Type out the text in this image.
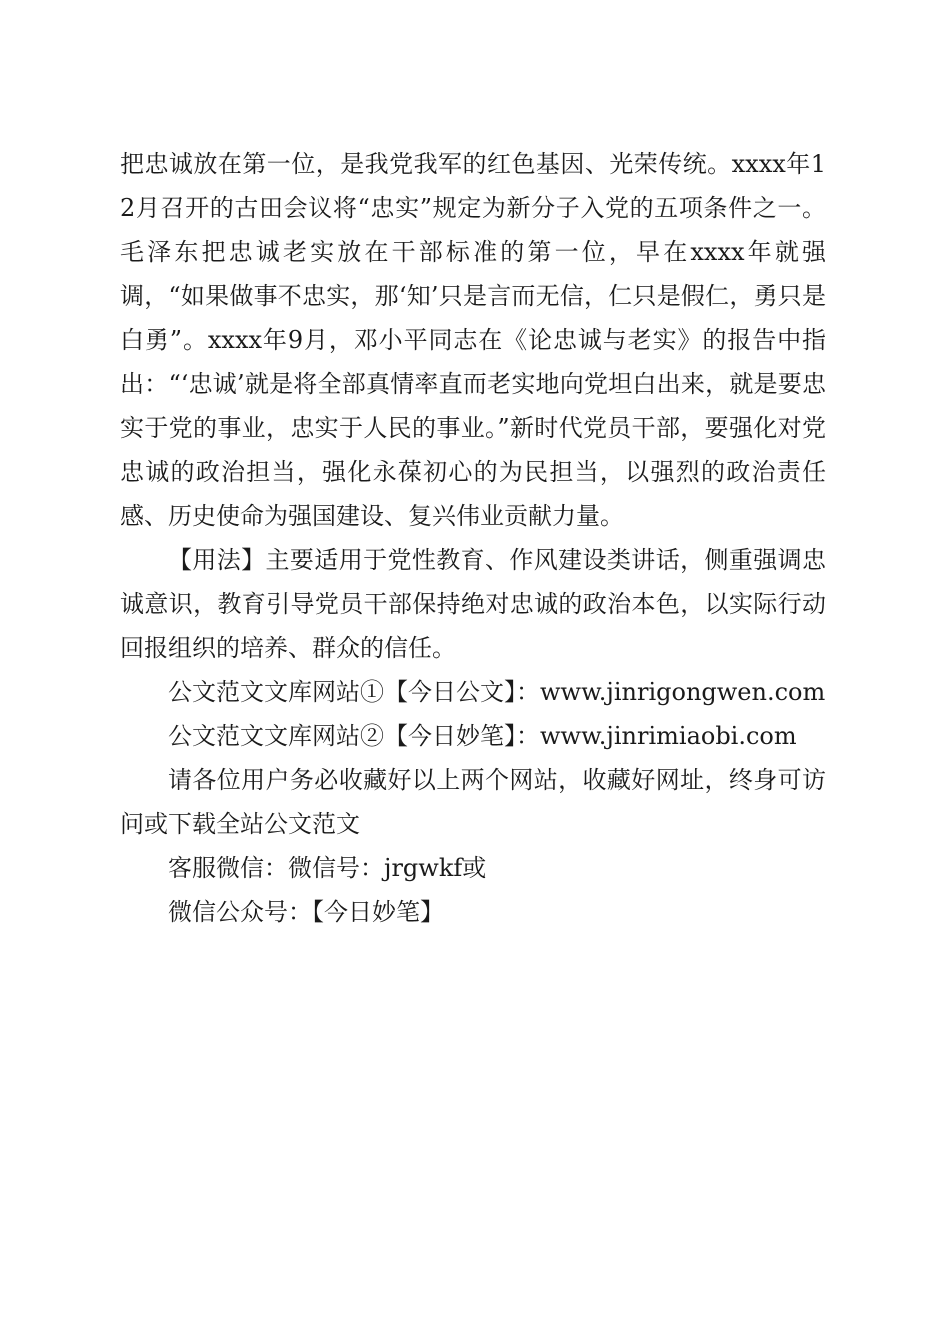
把忠诚放在第一位，是我党我军的红色基因、光荣传统。xxxx年12月召开的古田会议将“忠实”规定为新分子入党的五项条件之一。毛泽东把忠诚老实放在干部标准的第一位，早在xxxx年就强调，“如果做事不忠实，那‘知’只是言而无信，仁只是假仁，勇只是白勇”。xxxx年9月，邓小平同志在《论忠诚与老实》的报告中指出：“‘忠诚’就是将全部真情率直而老实地向党坦白出来，就是要忠实于党的事业，忠实于人民的事业。”新时代党员干部，要强化对党忠诚的政治担当，强化永葆初心的为民担当，以强烈的政治责任感、历史使命为强国建设、复兴伟业贡献力量。

【用法】主要适用于党性教育、作风建设类讲话，侧重强调忠诚意识，教育引导党员干部保持绝对忠诚的政治本色，以实际行动回报组织的培养、群众的信任。

公文范文文库网站①【今日公文】：www.jinrigongwen.com

公文范文文库网站②【今日妙笔】：www.jinrimiaobi.com

请各位用户务必收藏好以上两个网站，收藏好网址，终身可访问或下载全站公文范文

客服微信：微信号：jrgwkf或

微信公众号：【今日妙笔】
